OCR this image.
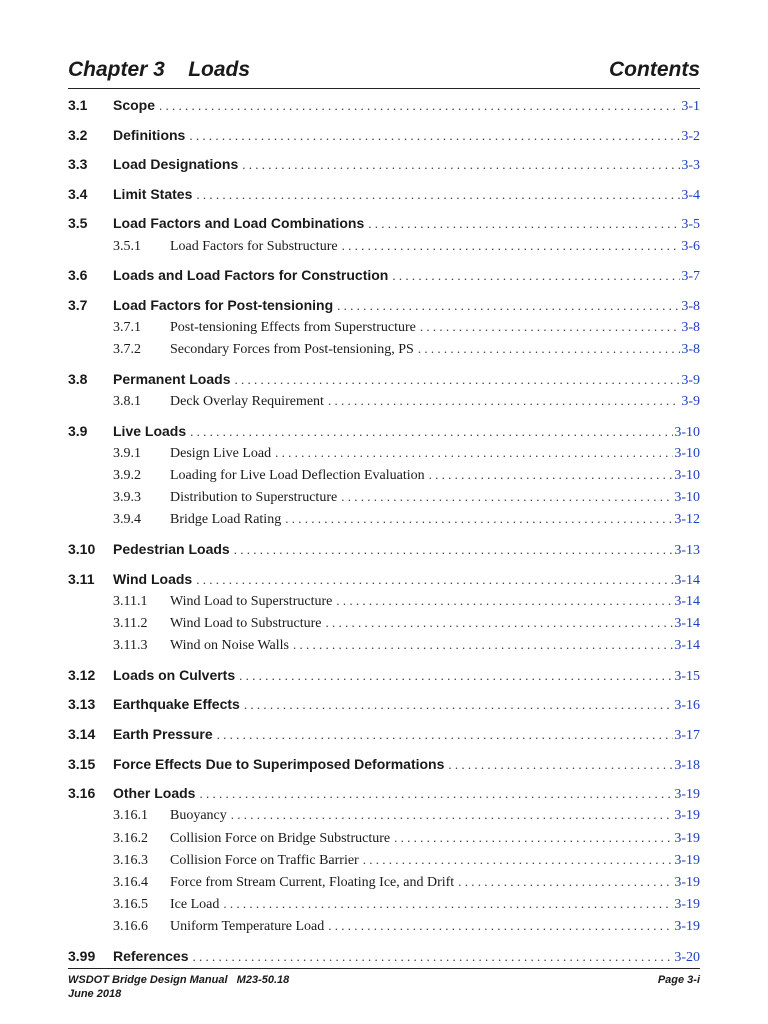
Chapter 3    Loads	Contents
3.1	Scope . . .	3-1
3.2	Definitions . . .	3-2
3.3	Load Designations . . .	3-3
3.4	Limit States . . .	3-4
3.5	Load Factors and Load Combinations . . .	3-5
3.5.1	Load Factors for Substructure . . .	3-6
3.6	Loads and Load Factors for Construction . . .	3-7
3.7	Load Factors for Post-tensioning . . .	3-8
3.7.1	Post-tensioning Effects from Superstructure . . .	3-8
3.7.2	Secondary Forces from Post-tensioning, PS . . .	3-8
3.8	Permanent Loads . . .	3-9
3.8.1	Deck Overlay Requirement . . .	3-9
3.9	Live Loads . . .	3-10
3.9.1	Design Live Load . . .	3-10
3.9.2	Loading for Live Load Deflection Evaluation . . .	3-10
3.9.3	Distribution to Superstructure . . .	3-10
3.9.4	Bridge Load Rating . . .	3-12
3.10	Pedestrian Loads . . .	3-13
3.11	Wind Loads . . .	3-14
3.11.1	Wind Load to Superstructure . . .	3-14
3.11.2	Wind Load to Substructure . . .	3-14
3.11.3	Wind on Noise Walls . . .	3-14
3.12	Loads on Culverts . . .	3-15
3.13	Earthquake Effects . . .	3-16
3.14	Earth Pressure . . .	3-17
3.15	Force Effects Due to Superimposed Deformations . . .	3-18
3.16	Other Loads . . .	3-19
3.16.1	Buoyancy . . .	3-19
3.16.2	Collision Force on Bridge Substructure . . .	3-19
3.16.3	Collision Force on Traffic Barrier . . .	3-19
3.16.4	Force from Stream Current, Floating Ice, and Drift . . .	3-19
3.16.5	Ice Load . . .	3-19
3.16.6	Uniform Temperature Load . . .	3-19
3.99	References . . .	3-20
WSDOT Bridge Design Manual   M23-50.18
June 2018
Page 3-i
